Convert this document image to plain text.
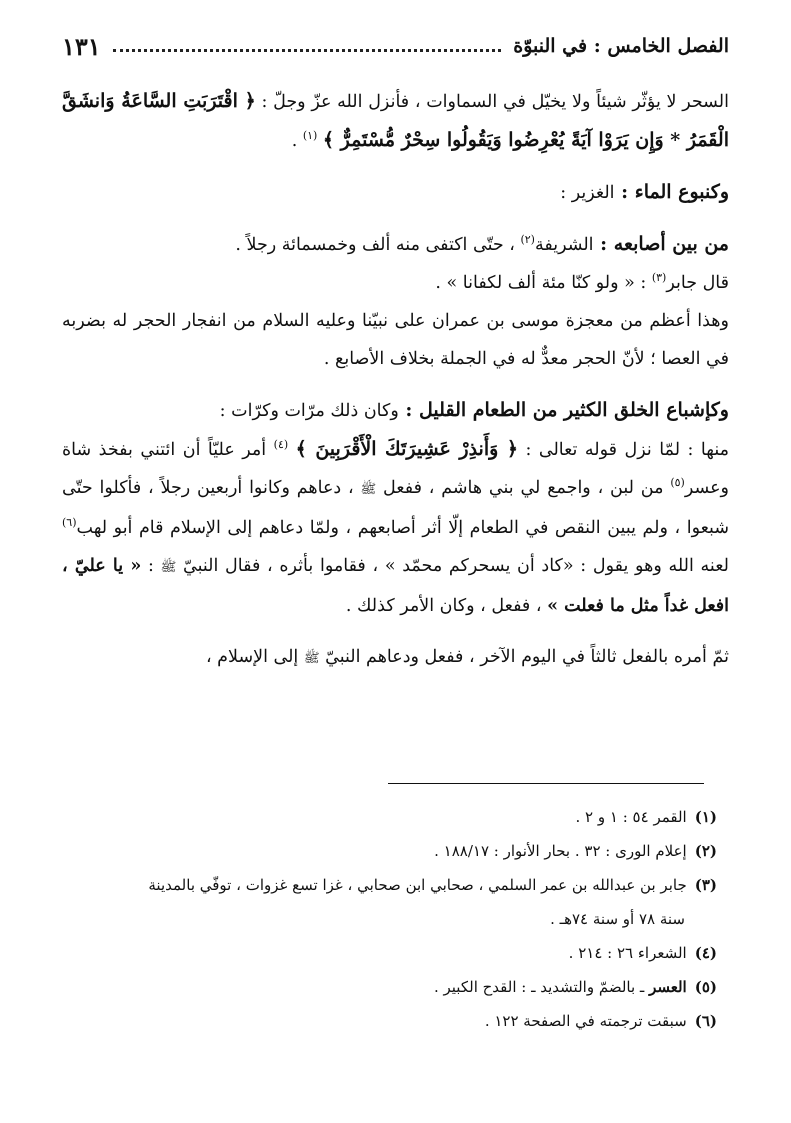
الفصل الخامس : في النبوّة
١٣١

السحر لا يؤثّر شيئاً ولا يخيّل في السماوات ، فأنزل الله عزّ وجلّ : ﴿ اقْتَرَبَتِ السَّاعَةُ وَانشَقَّ الْقَمَرُ * وَإِن يَرَوْا آيَةً يُعْرِضُوا وَيَقُولُوا سِحْرٌ مُّسْتَمِرٌّ ﴾ $^{(١)}$ .

وكنبوع الماء : الغزير :

من بين أصابعه : الشريفة$^{(٢)}$ ، حتّى اكتفى منه ألف وخمسمائة رجلاً .

قال جابر$^{(٣)}$ : « ولو كنّا مئة ألف لكفانا » .

وهذا أعظم من معجزة موسى بن عمران على نبيّنا وعليه السلام من انفجار الحجر له بضربه في العصا ؛ لأنّ الحجر معدٌّ له في الجملة بخلاف الأصابع .

وكإشباع الخلق الكثير من الطعام القليل : وكان ذلك مرّات وكرّات :

منها : لمّا نزل قوله تعالى : ﴿ وَأَنذِرْ عَشِيرَتَكَ الْأَقْرَبِينَ ﴾ $^{(٤)}$ أمر عليّاً أن ائتني بفخذ شاة وعسر$^{(٥)}$ من لبن ، واجمع لي بني هاشم ، ففعل ﷺ ، دعاهم وكانوا أربعين رجلاً ، فأكلوا حتّى شبعوا ، ولم يبين النقص في الطعام إلّا أثر أصابعهم ، ولمّا دعاهم إلى الإسلام قام أبو لهب$^{(٦)}$ لعنه الله وهو يقول : «كاد أن يسحركم محمّد » ، فقاموا بأثره ، فقال النبيّ ﷺ : « يا عليّ ، افعل غداً مثل ما فعلت » ، ففعل ، وكان الأمر كذلك .

ثمّ أمره بالفعل ثالثاً في اليوم الآخر ، ففعل ودعاهم النبيّ ﷺ إلى الإسلام ،

(١)القمر ٥٤ : ١ و ٢ .

(٢)إعلام الورى : ٣٢ . بحار الأنوار : ١٨٨/١٧ .

(٣)جابر بن عبدالله بن عمر السلمي ، صحابي ابن صحابي ، غزا تسع غزوات ، توفّي بالمدينة

سنة ٧٨ أو سنة ٧٤هـ .

(٤)الشعراء ٢٦ : ٢١٤ .

(٥)العسر ـ بالضمّ والتشديد ـ : القدح الكبير .

(٦)سبقت ترجمته في الصفحة ١٢٢ .
